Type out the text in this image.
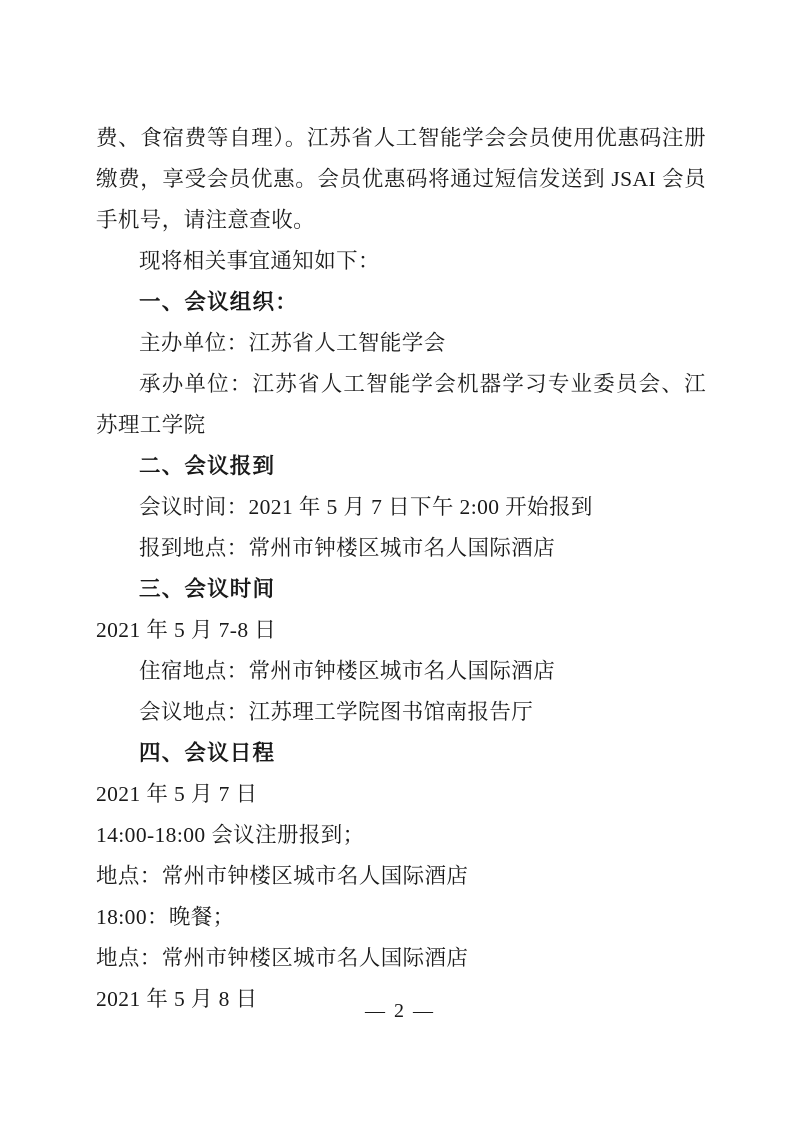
费、食宿费等自理）。江苏省人工智能学会会员使用优惠码注册缴费，享受会员优惠。会员优惠码将通过短信发送到 JSAI 会员手机号，请注意查收。

现将相关事宜通知如下：

一、会议组织：

主办单位：江苏省人工智能学会

承办单位：江苏省人工智能学会机器学习专业委员会、江苏理工学院

二、会议报到

会议时间：2021 年 5 月 7 日下午 2:00 开始报到

报到地点：常州市钟楼区城市名人国际酒店

三、会议时间

2021 年 5 月 7-8 日

住宿地点：常州市钟楼区城市名人国际酒店

会议地点：江苏理工学院图书馆南报告厅

四、会议日程

2021 年 5 月 7 日

14:00-18:00 会议注册报到；

地点：常州市钟楼区城市名人国际酒店

18:00：晚餐；

地点：常州市钟楼区城市名人国际酒店

2021 年 5 月 8 日	— 2 —
